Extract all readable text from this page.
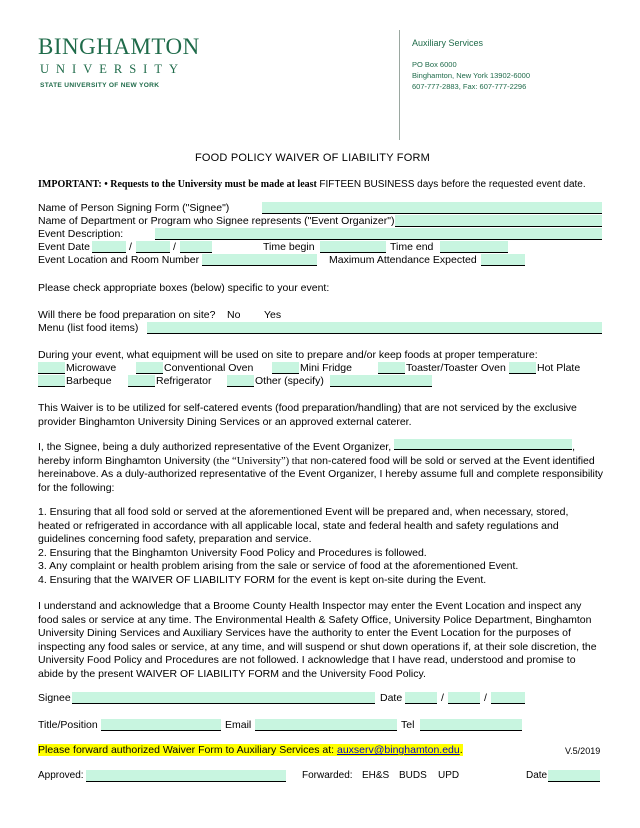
BINGHAMTON
UNIVERSITY
STATE UNIVERSITY OF NEW YORK
Auxiliary Services
PO Box 6000
Binghamton, New York 13902-6000
607-777-2883, Fax: 607-777-2296
FOOD POLICY WAIVER OF LIABILITY FORM
IMPORTANT: • Requests to the University must be made at least FIFTEEN BUSINESS days before the requested event date.
Name of Person Signing Form ("Signee")
Name of Department or Program who Signee represents ("Event Organizer")
Event Description:
Event Date	/	/	Time begin	Time end
Event Location and Room Number	Maximum Attendance Expected
Please check appropriate boxes (below) specific to your event:
Will there be food preparation on site? No Yes
Menu (list food items)
During your event, what equipment will be used on site to prepare and/or keep foods at proper temperature:
Microwave	Conventional Oven	Mini Fridge	Toaster/Toaster Oven	Hot Plate
Barbeque	Refrigerator	Other (specify)
This Waiver is to be utilized for self-catered events (food preparation/handling) that are not serviced by the exclusive provider Binghamton University Dining Services or an approved external caterer.
I, the Signee, being a duly authorized representative of the Event Organizer,	,
hereby inform Binghamton University (the “University”) that non-catered food will be sold or served at the Event identified hereinabove. As a duly-authorized representative of the Event Organizer, I hereby assume full and complete responsibility for the following:
1. Ensuring that all food sold or served at the aforementioned Event will be prepared and, when necessary, stored, heated or refrigerated in accordance with all applicable local, state and federal health and safety regulations and guidelines concerning food safety, preparation and service.
2. Ensuring that the Binghamton University Food Policy and Procedures is followed.
3. Any complaint or health problem arising from the sale or service of food at the aforementioned Event.
4. Ensuring that the WAIVER OF LIABILITY FORM for the event is kept on-site during the Event.
I understand and acknowledge that a Broome County Health Inspector may enter the Event Location and inspect any food sales or service at any time. The Environmental Health & Safety Office, University Police Department, Binghamton University Dining Services and Auxiliary Services have the authority to enter the Event Location for the purposes of inspecting any food sales or service, at any time, and will suspend or shut down operations if, at their sole discretion, the University Food Policy and Procedures are not followed. I acknowledge that I have read, understood and promise to abide by the present WAIVER OF LIABILITY FORM and the University Food Policy.
Signee	Date	/	/
Title/Position	Email	Tel
Please forward authorized Waiver Form to Auxiliary Services at: auxserv@binghamton.edu.	V.5/2019
Approved:	Forwarded: EH&S BUDS UPD	Date
